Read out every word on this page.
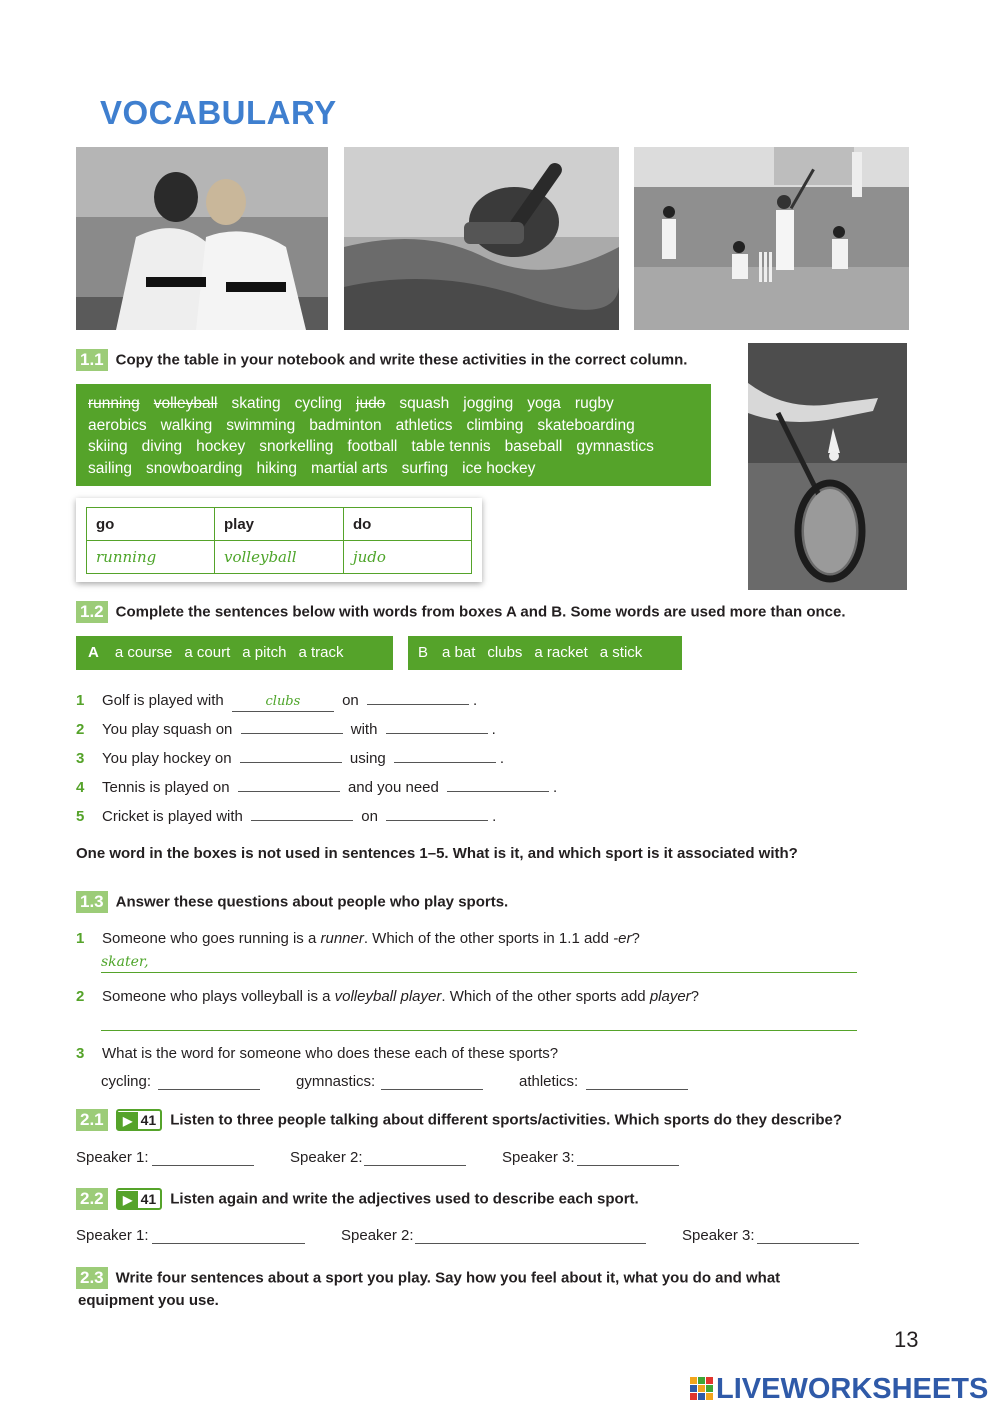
VOCABULARY
1.1 Copy the table in your notebook and write these activities in the correct column.
running volleyball skating cycling judo squash jogging yoga rugby
aerobics walking swimming badminton athletics climbing skateboarding
skiing diving hockey snorkelling football table tennis baseball gymnastics
sailing snowboarding hiking martial arts surfing ice hockey
go	play	do
running	volleyball	judo
1.2 Complete the sentences below with words from boxes A and B. Some words are used more than once.
A a course a court a pitch a track	B a bat clubs a racket a stick
1 Golf is played with	clubs	on	.
2 You play squash on	with	.
3 You play hockey on	using	.
4 Tennis is played on	and you need	.
5 Cricket is played with	on	.
One word in the boxes is not used in sentences 1–5. What is it, and which sport is it associated with?
1.3 Answer these questions about people who play sports.
1 Someone who goes running is a runner. Which of the other sports in 1.1 add -er?
skater,
2 Someone who plays volleyball is a volleyball player. Which of the other sports add player?
3 What is the word for someone who does these each of these sports?
cycling:	gymnastics:	athletics:
2.1 ▶ 41 Listen to three people talking about different sports/activities. Which sports do they describe?
Speaker 1:	Speaker 2:	Speaker 3:
2.2 ▶ 41 Listen again and write the adjectives used to describe each sport.
Speaker 1:	Speaker 2:	Speaker 3:
2.3 Write four sentences about a sport you play. Say how you feel about it, what you do and what
equipment you use.
13
LIVEWORKSHEETS
